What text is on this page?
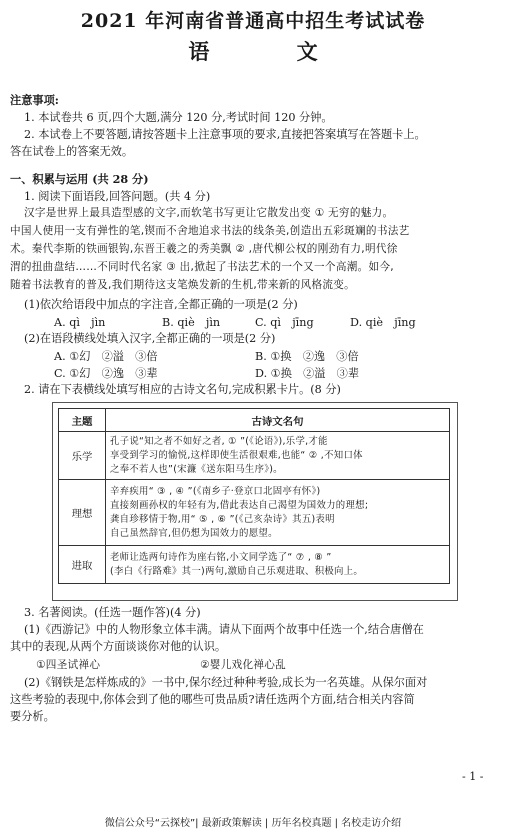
2021 年河南省普通高中招生考试试卷
语 文
注意事项:
1. 本试卷共 6 页,四个大题,满分 120 分,考试时间 120 分钟。
2. 本试卷上不要答题,请按答题卡上注意事项的要求,直接把答案填写在答题卡上。
答在试卷上的答案无效。
一、积累与运用 (共 28 分)
1. 阅读下面语段,回答问题。(共 4 分)
汉字是世界上最具造型感的文字,而软笔书写更让它散发出变 ① 无穷的魅力。
中国人使用一支有弹性的笔,锲而不舍地追求书法的线条美,创造出五彩斑斓的书法艺
术。秦代李斯的铁画银钩,东晋王羲之的秀美飘 ② ,唐代柳公权的刚劲有力,明代徐
渭的扭曲盘结……不同时代名家 ③ 出,掀起了书法艺术的一个又一个高潮。如今,
随着书法教育的普及,我们期待这支笔焕发新的生机,带来新的风格流变。
(1)依次给语段中加点的字注音,全都正确的一项是(2 分)
A. qì　jìn	B. qiè　jìn	C. qì　jīng	D. qiè　jīng
(2)在语段横线处填入汉字,全都正确的一项是(2 分)
A. ①幻　②溢　③倍	B. ①换　②逸　③倍
C. ①幻　②逸　③辈	D. ①换　②溢　③辈
2. 请在下表横线处填写相应的古诗文名句,完成积累卡片。(8 分)
主题	古诗文名句
乐学	孔子说“知之者不如好之者, ① ”(《论语》),乐学,才能
享受到学习的愉悦,这样即使生活很艰难,也能“ ② ,不知口体
之奉不若人也”(宋濂《送东阳马生序》)。

理想	辛弃疾用“ ③ , ④ ”(《南乡子·登京口北固亭有怀》)
直接刻画孙权的年轻有为,借此表达自己渴望为国效力的理想;
龚自珍移情于物,用“ ⑤ , ⑥ ”(《己亥杂诗》其五)表明
自己虽然辞官,但仍想为国效力的愿望。

进取	老师让选两句诗作为座右铭,小文同学选了“ ⑦ , ⑧ ”
(李白《行路难》其一)两句,激励自己乐观进取、积极向上。
3. 名著阅读。(任选一题作答)(4 分)
(1)《西游记》中的人物形象立体丰满。请从下面两个故事中任选一个,结合唐僧在
其中的表现,从两个方面谈谈你对他的认识。
①四圣试禅心	②婴儿戏化禅心乱
(2)《钢铁是怎样炼成的》一书中,保尔经过种种考验,成长为一名英雄。从保尔面对
这些考验的表现中,你体会到了他的哪些可贵品质?请任选两个方面,结合相关内容简
要分析。
- 1 -
微信公众号“云探校”| 最新政策解读 | 历年名校真题 | 名校走访介绍
